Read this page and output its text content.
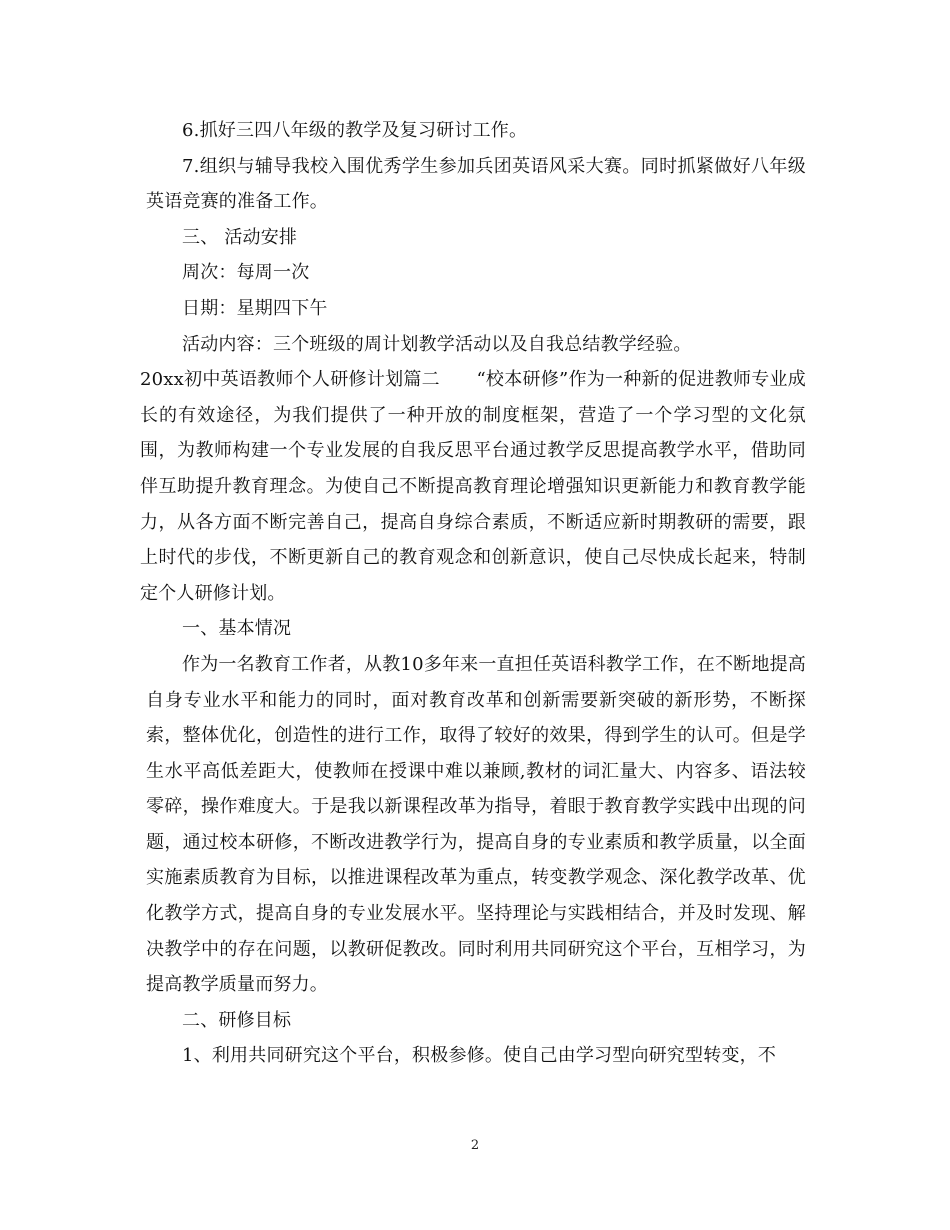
6.抓好三四八年级的教学及复习研讨工作。

7.组织与辅导我校入围优秀学生参加兵团英语风采大赛。同时抓紧做好八年级英语竞赛的准备工作。

三、 活动安排

周次：每周一次

日期：星期四下午

活动内容：三个班级的周计划教学活动以及自我总结教学经验。

20xx初中英语教师个人研修计划篇二　　“校本研修”作为一种新的促进教师专业成长的有效途径，为我们提供了一种开放的制度框架，营造了一个学习型的文化氛围，为教师构建一个专业发展的自我反思平台通过教学反思提高教学水平，借助同伴互助提升教育理念。为使自己不断提高教育理论增强知识更新能力和教育教学能力，从各方面不断完善自己，提高自身综合素质，不断适应新时期教研的需要，跟上时代的步伐，不断更新自己的教育观念和创新意识，使自己尽快成长起来，特制定个人研修计划。

一、基本情况

作为一名教育工作者，从教10多年来一直担任英语科教学工作，在不断地提高自身专业水平和能力的同时，面对教育改革和创新需要新突破的新形势，不断探索，整体优化，创造性的进行工作，取得了较好的效果，得到学生的认可。但是学生水平高低差距大，使教师在授课中难以兼顾,教材的词汇量大、内容多、语法较零碎，操作难度大。于是我以新课程改革为指导，着眼于教育教学实践中出现的问题，通过校本研修，不断改进教学行为，提高自身的专业素质和教学质量，以全面实施素质教育为目标，以推进课程改革为重点，转变教学观念、深化教学改革、优化教学方式，提高自身的专业发展水平。坚持理论与实践相结合，并及时发现、解决教学中的存在问题，以教研促教改。同时利用共同研究这个平台，互相学习，为提高教学质量而努力。

二、研修目标

1、利用共同研究这个平台，积极参修。使自己由学习型向研究型转变，不

2
